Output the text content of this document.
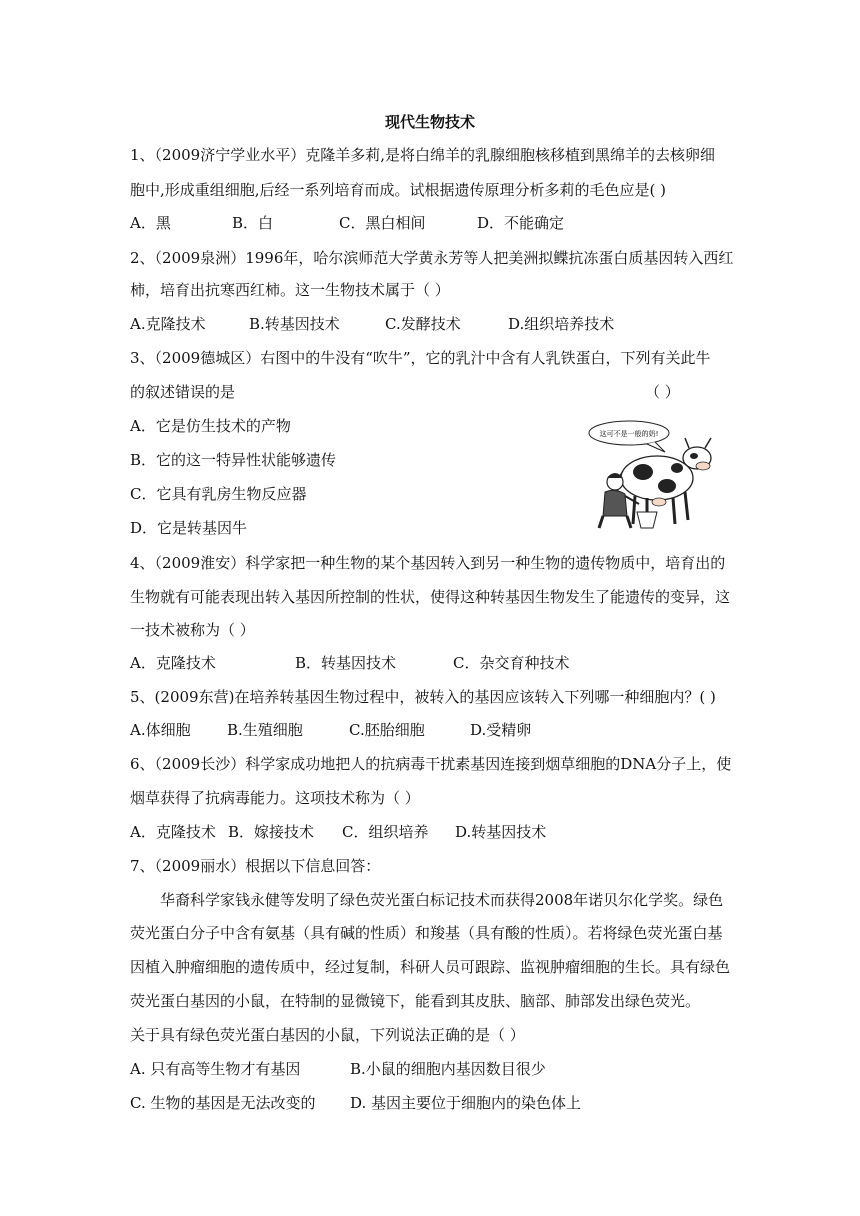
现代生物技术
1、（2009济宁学业水平）克隆羊多莉,是将白绵羊的乳腺细胞核移植到黑绵羊的去核卵细
胞中,形成重组细胞,后经一系列培育而成。试根据遗传原理分析多莉的毛色应是( )
A．黑	B．白	C．黑白相间	D．不能确定
2、（2009泉洲）1996年，哈尔滨师范大学黄永芳等人把美洲拟鲽抗冻蛋白质基因转入西红
柿，培育出抗寒西红柿。这一生物技术属于（ ）
A.克隆技术	B.转基因技术	C.发酵技术	D.组织培养技术
3、（2009德城区）右图中的牛没有“吹牛”，它的乳汁中含有人乳铁蛋白，下列有关此牛
的叙述错误的是	（ ）
A．它是仿生技术的产物
B．它的这一特异性状能够遗传
C．它具有乳房生物反应器
D．它是转基因牛
这可不是一般的奶!
4、（2009淮安）科学家把一种生物的某个基因转入到另一种生物的遗传物质中，培育出的
生物就有可能表现出转入基因所控制的性状，使得这种转基因生物发生了能遗传的变异，这
一技术被称为（ ）
A．克隆技术	B．转基因技术	C．杂交育种技术
5、(2009东营)在培养转基因生物过程中，被转入的基因应该转入下列哪一种细胞内？( )
A.体细胞 B.生殖细胞	C.胚胎细胞	D.受精卵
6、（2009长沙）科学家成功地把人的抗病毒干扰素基因连接到烟草细胞的DNA分子上，使
烟草获得了抗病毒能力。这项技术称为（ ）
A．克隆技术 B．嫁接技术 C．组织培养 D.转基因技术
7、（2009丽水）根据以下信息回答：
华裔科学家钱永健等发明了绿色荧光蛋白标记技术而获得2008年诺贝尔化学奖。绿色
荧光蛋白分子中含有氨基（具有碱的性质）和羧基（具有酸的性质）。若将绿色荧光蛋白基
因植入肿瘤细胞的遗传质中，经过复制，科研人员可跟踪、监视肿瘤细胞的生长。具有绿色
荧光蛋白基因的小鼠，在特制的显微镜下，能看到其皮肤、脑部、肺部发出绿色荧光。
关于具有绿色荧光蛋白基因的小鼠，下列说法正确的是（ ）
A. 只有高等生物才有基因	B.小鼠的细胞内基因数目很少
C. 生物的基因是无法改变的 D. 基因主要位于细胞内的染色体上
